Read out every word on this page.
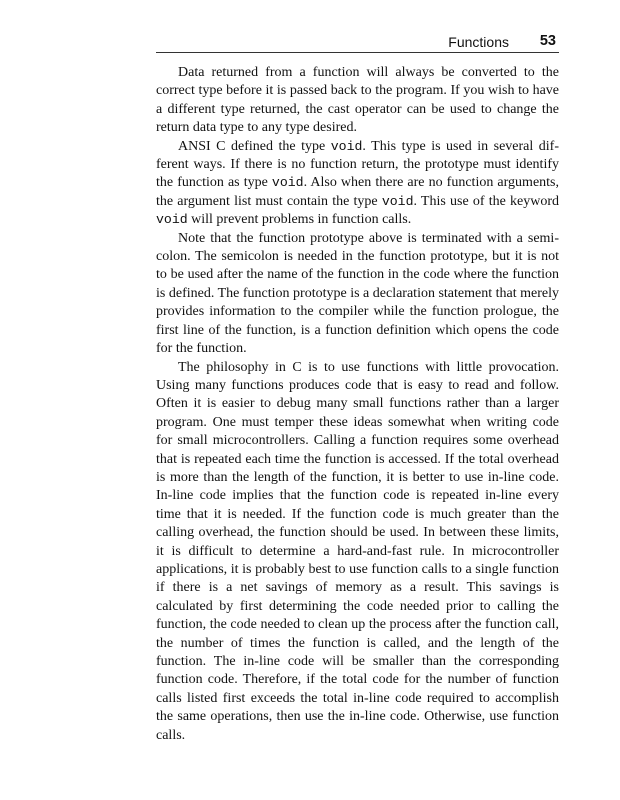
Functions 53

Data returned from a function will always be converted to the correct type before it is passed back to the program. If you wish to have a different type returned, the cast operator can be used to change the return data type to any type desired.

ANSI C defined the type void. This type is used in several different ways. If there is no function return, the prototype must identify the function as type void. Also when there are no function arguments, the argument list must contain the type void. This use of the keyword void will prevent problems in function calls.

Note that the function prototype above is terminated with a semicolon. The semicolon is needed in the function prototype, but it is not to be used after the name of the function in the code where the function is defined. The function prototype is a declaration statement that merely provides information to the compiler while the function prologue, the first line of the function, is a function definition which opens the code for the function.

The philosophy in C is to use functions with little provocation. Using many functions produces code that is easy to read and follow. Often it is easier to debug many small functions rather than a larger program. One must temper these ideas somewhat when writing code for small microcontrollers. Calling a function requires some overhead that is repeated each time the function is accessed. If the total overhead is more than the length of the function, it is better to use in-line code. In-line code implies that the function code is repeated in-line every time that it is needed. If the function code is much greater than the calling overhead, the function should be used. In between these limits, it is difficult to determine a hard-and-fast rule. In microcontroller applications, it is probably best to use function calls to a single function if there is a net savings of memory as a result. This savings is calculated by first determining the code needed prior to calling the function, the code needed to clean up the process after the function call, the number of times the function is called, and the length of the function. The in-line code will be smaller than the corresponding function code. Therefore, if the total code for the number of function calls listed first exceeds the total in-line code required to accomplish the same operations, then use the in-line code. Otherwise, use function calls.
